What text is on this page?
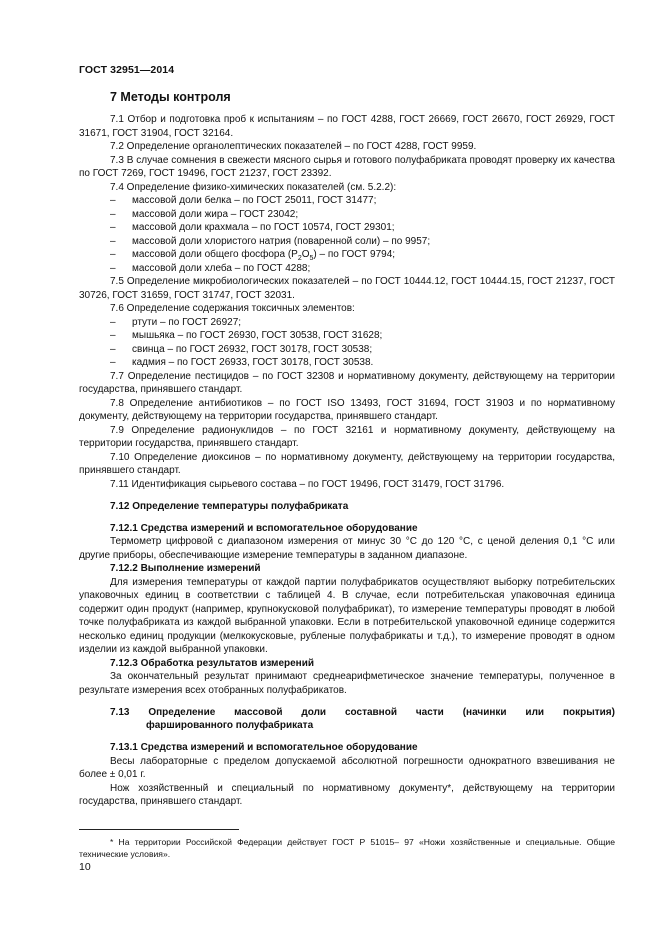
ГОСТ 32951—2014
7 Методы контроля

7.1 Отбор и подготовка проб к испытаниям – по ГОСТ 4288, ГОСТ 26669, ГОСТ 26670, ГОСТ 26929, ГОСТ 31671, ГОСТ 31904, ГОСТ 32164.

7.2 Определение органолептических показателей – по ГОСТ 4288, ГОСТ 9959.

7.3 В случае сомнения в свежести мясного сырья и готового полуфабриката проводят проверку их качества по ГОСТ 7269, ГОСТ 19496, ГОСТ 21237, ГОСТ 23392.

7.4 Определение физико-химических показателей (см. 5.2.2):

–	массовой доли белка – по ГОСТ 25011, ГОСТ 31477;

–	массовой доли жира – ГОСТ 23042;

–	массовой доли крахмала – по ГОСТ 10574, ГОСТ 29301;

–	массовой доли хлористого натрия (поваренной соли) – по 9957;

–	массовой доли общего фосфора $(P_2O_5)$ – по ГОСТ 9794;

–	массовой доли хлеба – по ГОСТ 4288;

7.5 Определение микробиологических показателей – по ГОСТ 10444.12, ГОСТ 10444.15, ГОСТ 21237, ГОСТ 30726, ГОСТ 31659, ГОСТ 31747, ГОСТ 32031.

7.6 Определение содержания токсичных элементов:

–	ртути – по ГОСТ 26927;

–	мышьяка – по ГОСТ 26930, ГОСТ 30538, ГОСТ 31628;

–	свинца – по ГОСТ 26932, ГОСТ 30178, ГОСТ 30538;

–	кадмия – по ГОСТ 26933, ГОСТ 30178, ГОСТ 30538.

7.7 Определение пестицидов – по ГОСТ 32308 и нормативному документу, действующему на территории государства, принявшего стандарт.

7.8 Определение антибиотиков – по ГОСТ ISO 13493, ГОСТ 31694, ГОСТ 31903 и по нормативному документу, действующему на территории государства, принявшего стандарт.

7.9 Определение радионуклидов – по ГОСТ 32161 и нормативному документу, действующему на территории государства, принявшего стандарт.

7.10 Определение диоксинов – по нормативному документу, действующему на территории государства, принявшего стандарт.

7.11 Идентификация сырьевого состава – по ГОСТ 19496, ГОСТ 31479, ГОСТ 31796.

7.12 Определение температуры полуфабриката

7.12.1 Средства измерений и вспомогательное оборудование

Термометр цифровой с диапазоном измерения от минус 30 °С до 120 °С, с ценой деления 0,1 °С или другие приборы, обеспечивающие измерение температуры в заданном диапазоне.

7.12.2 Выполнение измерений

Для измерения температуры от каждой партии полуфабрикатов осуществляют выборку потребительских упаковочных единиц в соответствии с таблицей 4. В случае, если потребительская упаковочная единица содержит один продукт (например, крупнокусковой полуфабрикат), то измерение температуры проводят в любой точке полуфабриката из каждой выбранной упаковки. Если в потребительской упаковочной единице содержится несколько единиц продукции (мелкокусковые, рубленые полуфабрикаты и т.д.), то измерение проводят в одном изделии из каждой выбранной упаковки.

7.12.3 Обработка результатов измерений

За окончательный результат принимают среднеарифметическое значение температуры, полученное в результате измерения всех отобранных полуфабрикатов.

7.13 Определение массовой доли составной части (начинки или покрытия)
фаршированного полуфабриката

7.13.1 Средства измерений и вспомогательное оборудование

Весы лабораторные с пределом допускаемой абсолютной погрешности однократного взвешивания не более ± 0,01 г.

Нож хозяйственный и специальный по нормативному документу*, действующему на территории государства, принявшего стандарт.

* На территории Российской Федерации действует ГОСТ Р 51015– 97 «Ножи хозяйственные и специальные. Общие технические условия».
10
